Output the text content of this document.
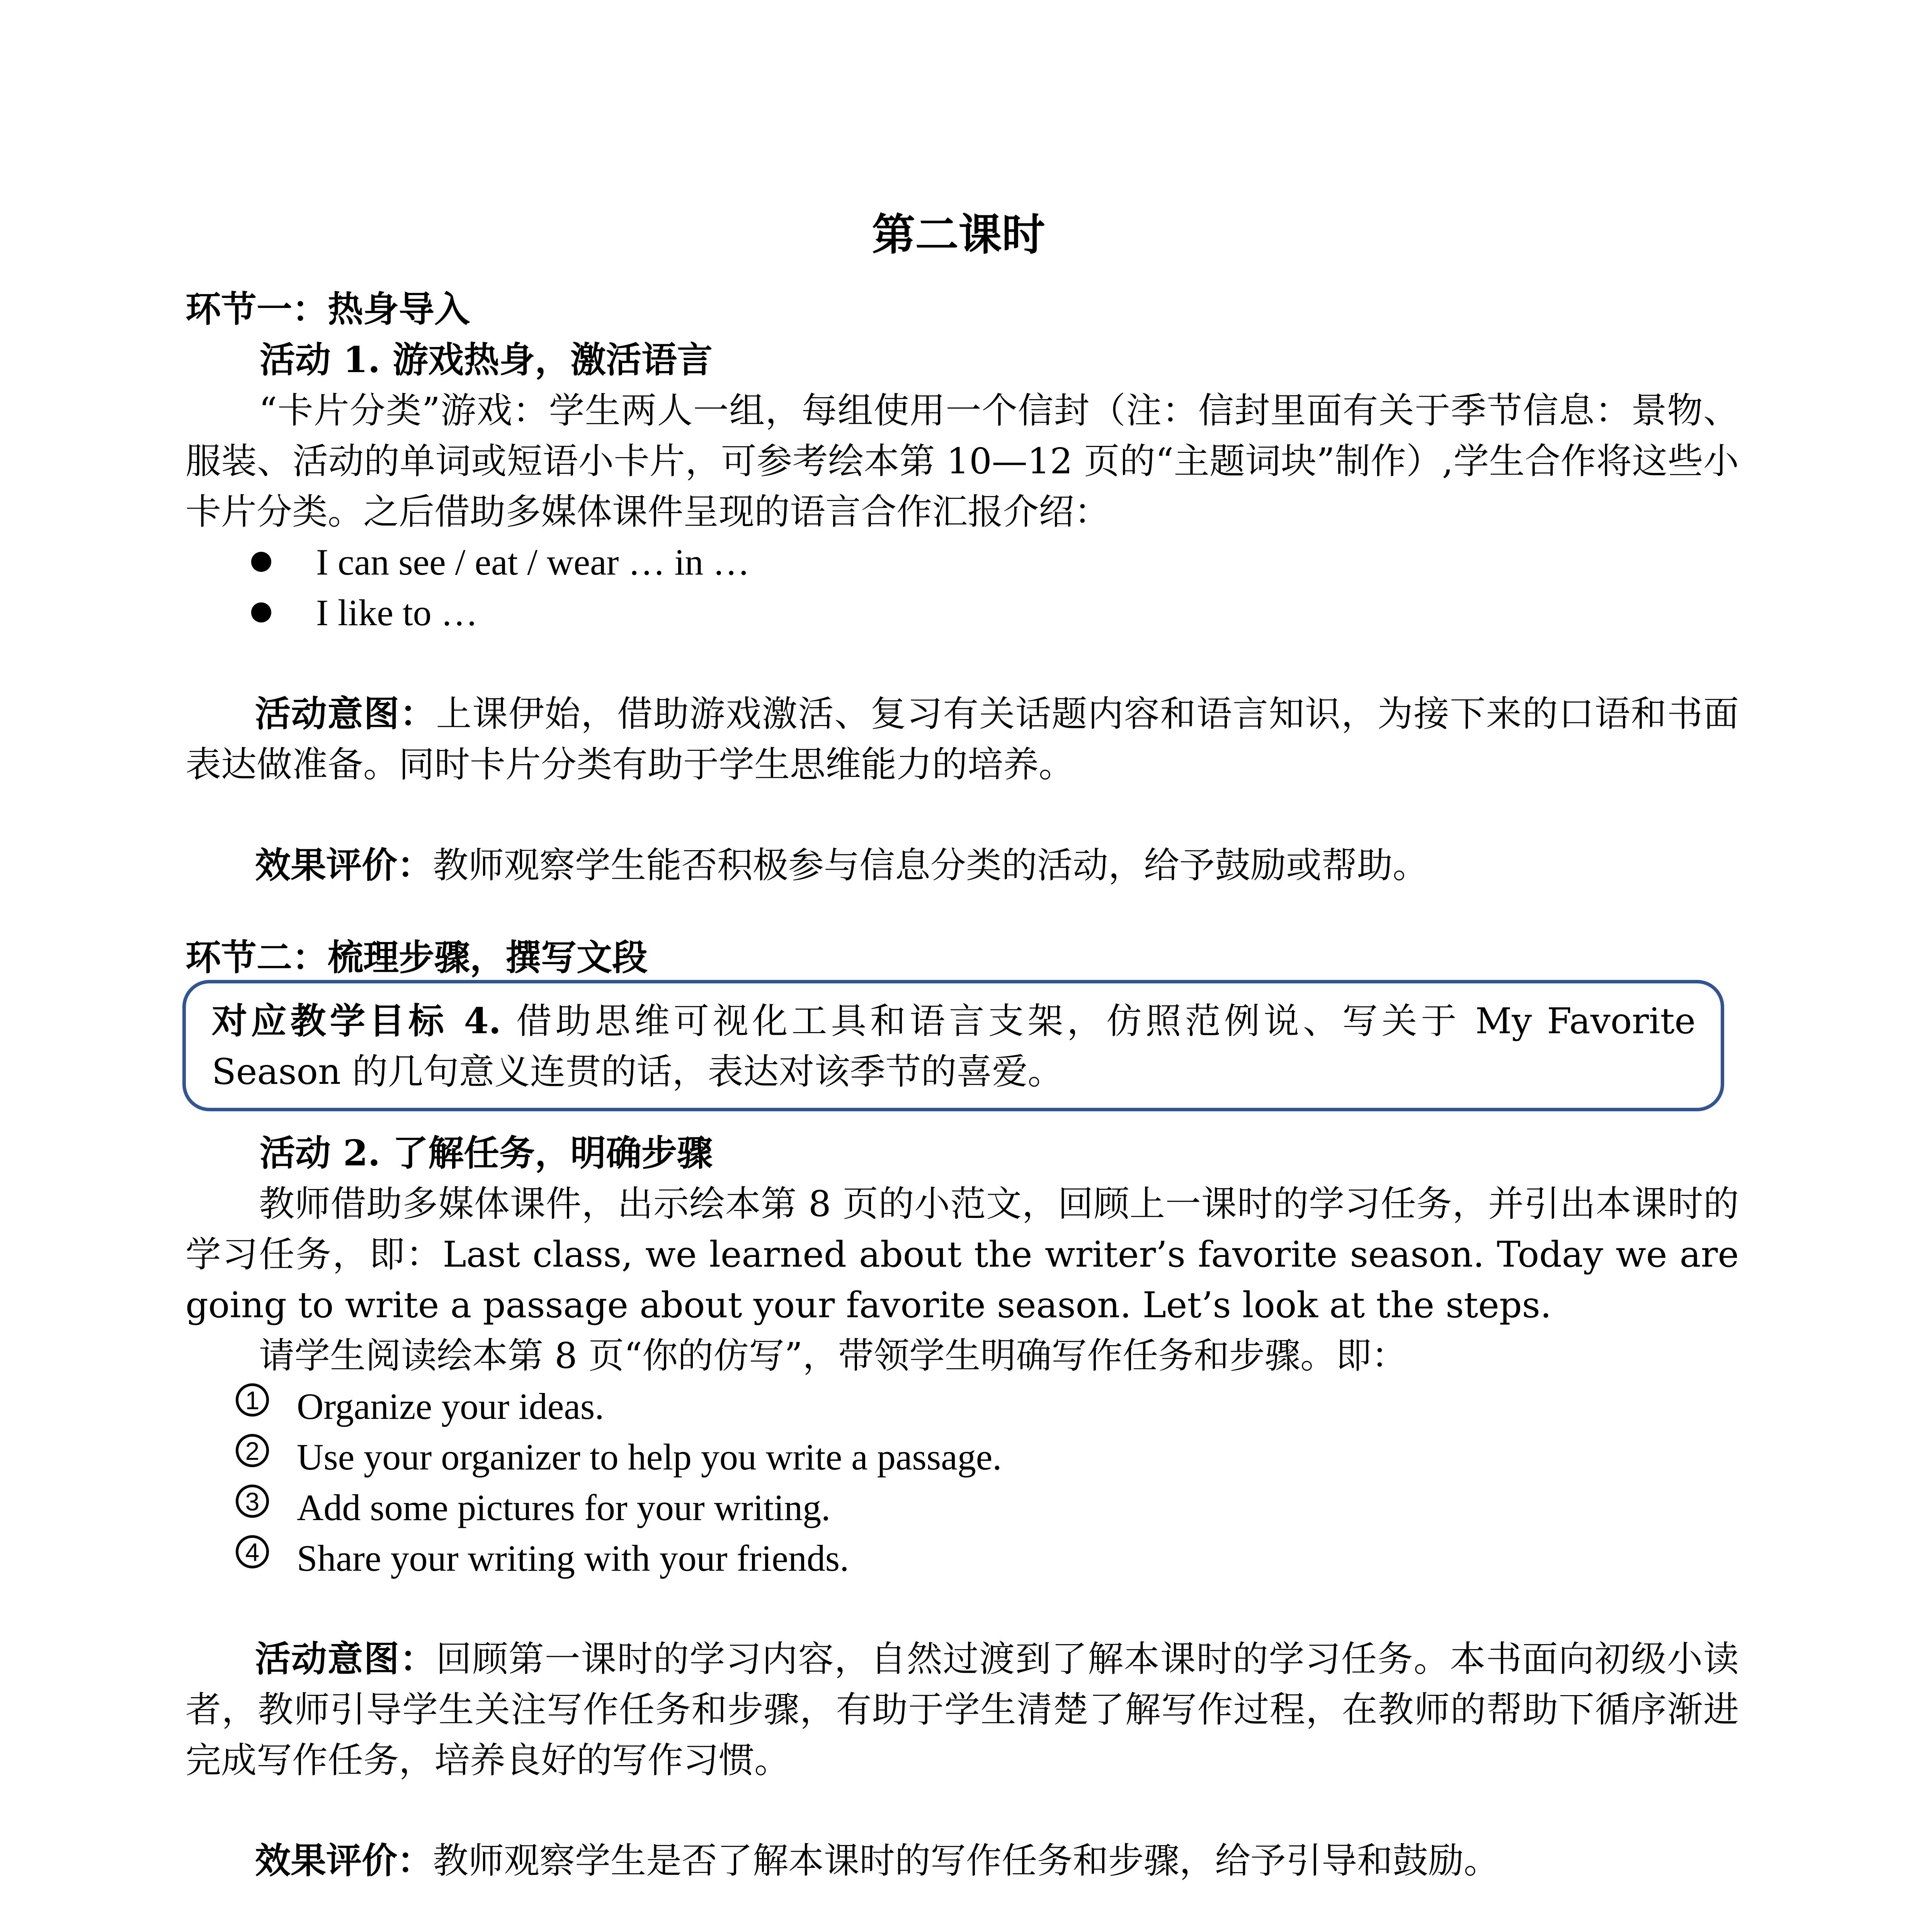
第二课时
环节一：热身导入
活动 1. 游戏热身，激活语言

“卡片分类”游戏：学生两人一组，每组使用一个信封（注：信封里面有关于季节信息：景物、服装、活动的单词或短语小卡片，可参考绘本第 10—12 页的“主题词块”制作）,学生合作将这些小卡片分类。之后借助多媒体课件呈现的语言合作汇报介绍：

I can see / eat / wear … in …
I like to …

活动意图：上课伊始，借助游戏激活、复习有关话题内容和语言知识，为接下来的口语和书面表达做准备。同时卡片分类有助于学生思维能力的培养。

效果评价：教师观察学生能否积极参与信息分类的活动，给予鼓励或帮助。

环节二：梳理步骤，撰写文段

对应教学目标 4. 借助思维可视化工具和语言支架，仿照范例说、写关于 My Favorite Season 的几句意义连贯的话，表达对该季节的喜爱。

活动 2. 了解任务，明确步骤

教师借助多媒体课件，出示绘本第 8 页的小范文，回顾上一课时的学习任务，并引出本课时的学习任务，即：Last class, we learned about the writer’s favorite season. Today we are going to write a passage about your favorite season. Let’s look at the steps.

请学生阅读绘本第 8 页“你的仿写”，带领学生明确写作任务和步骤。即：

1 Organize your ideas.
2 Use your organizer to help you write a passage.
3 Add some pictures for your writing.
4 Share your writing with your friends.

活动意图：回顾第一课时的学习内容，自然过渡到了解本课时的学习任务。本书面向初级小读者，教师引导学生关注写作任务和步骤，有助于学生清楚了解写作过程，在教师的帮助下循序渐进完成写作任务，培养良好的写作习惯。

效果评价：教师观察学生是否了解本课时的写作任务和步骤，给予引导和鼓励。
